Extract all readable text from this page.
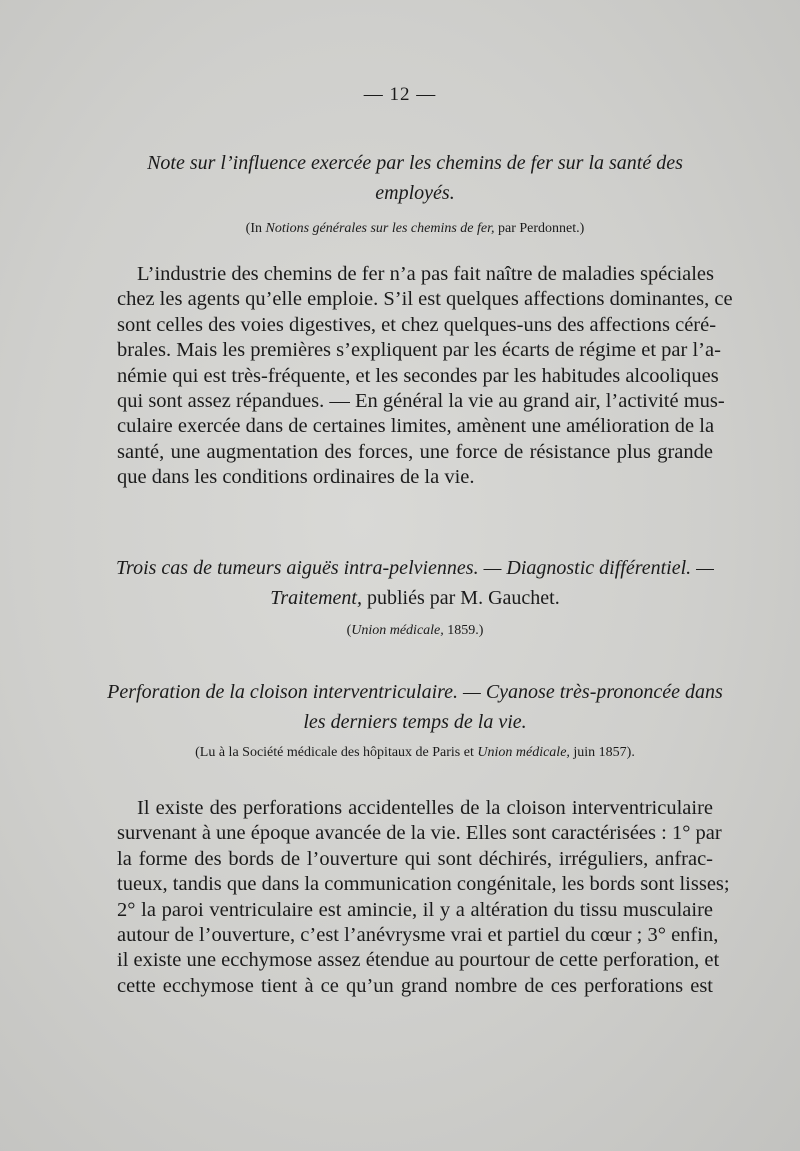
— 12 —
Note sur l’influence exercée par les chemins de fer sur la santé des
employés.
(In Notions générales sur les chemins de fer, par Perdonnet.)
L’industrie des chemins de fer n’a pas fait naître de maladies spéciales
chez les agents qu’elle emploie. S’il est quelques affections dominantes, ce
sont celles des voies digestives, et chez quelques-uns des affections céré-
brales. Mais les premières s’expliquent par les écarts de régime et par l’a-
némie qui est très-fréquente, et les secondes par les habitudes alcooliques
qui sont assez répandues. — En général la vie au grand air, l’activité mus-
culaire exercée dans de certaines limites, amènent une amélioration de la
santé, une augmentation des forces, une force de résistance plus grande
que dans les conditions ordinaires de la vie.
Trois cas de tumeurs aiguës intra-pelviennes. — Diagnostic différentiel. —
Traitement, publiés par M. Gauchet.
(Union médicale, 1859.)
Perforation de la cloison interventriculaire. — Cyanose très-prononcée dans
les derniers temps de la vie.
(Lu à la Société médicale des hôpitaux de Paris et Union médicale, juin 1857).
Il existe des perforations accidentelles de la cloison interventriculaire
survenant à une époque avancée de la vie. Elles sont caractérisées : 1° par
la forme des bords de l’ouverture qui sont déchirés, irréguliers, anfrac-
tueux, tandis que dans la communication congénitale, les bords sont lisses;
2° la paroi ventriculaire est amincie, il y a altération du tissu musculaire
autour de l’ouverture, c’est l’anévrysme vrai et partiel du cœur ; 3° enfin,
il existe une ecchymose assez étendue au pourtour de cette perforation, et
cette ecchymose tient à ce qu’un grand nombre de ces perforations est
